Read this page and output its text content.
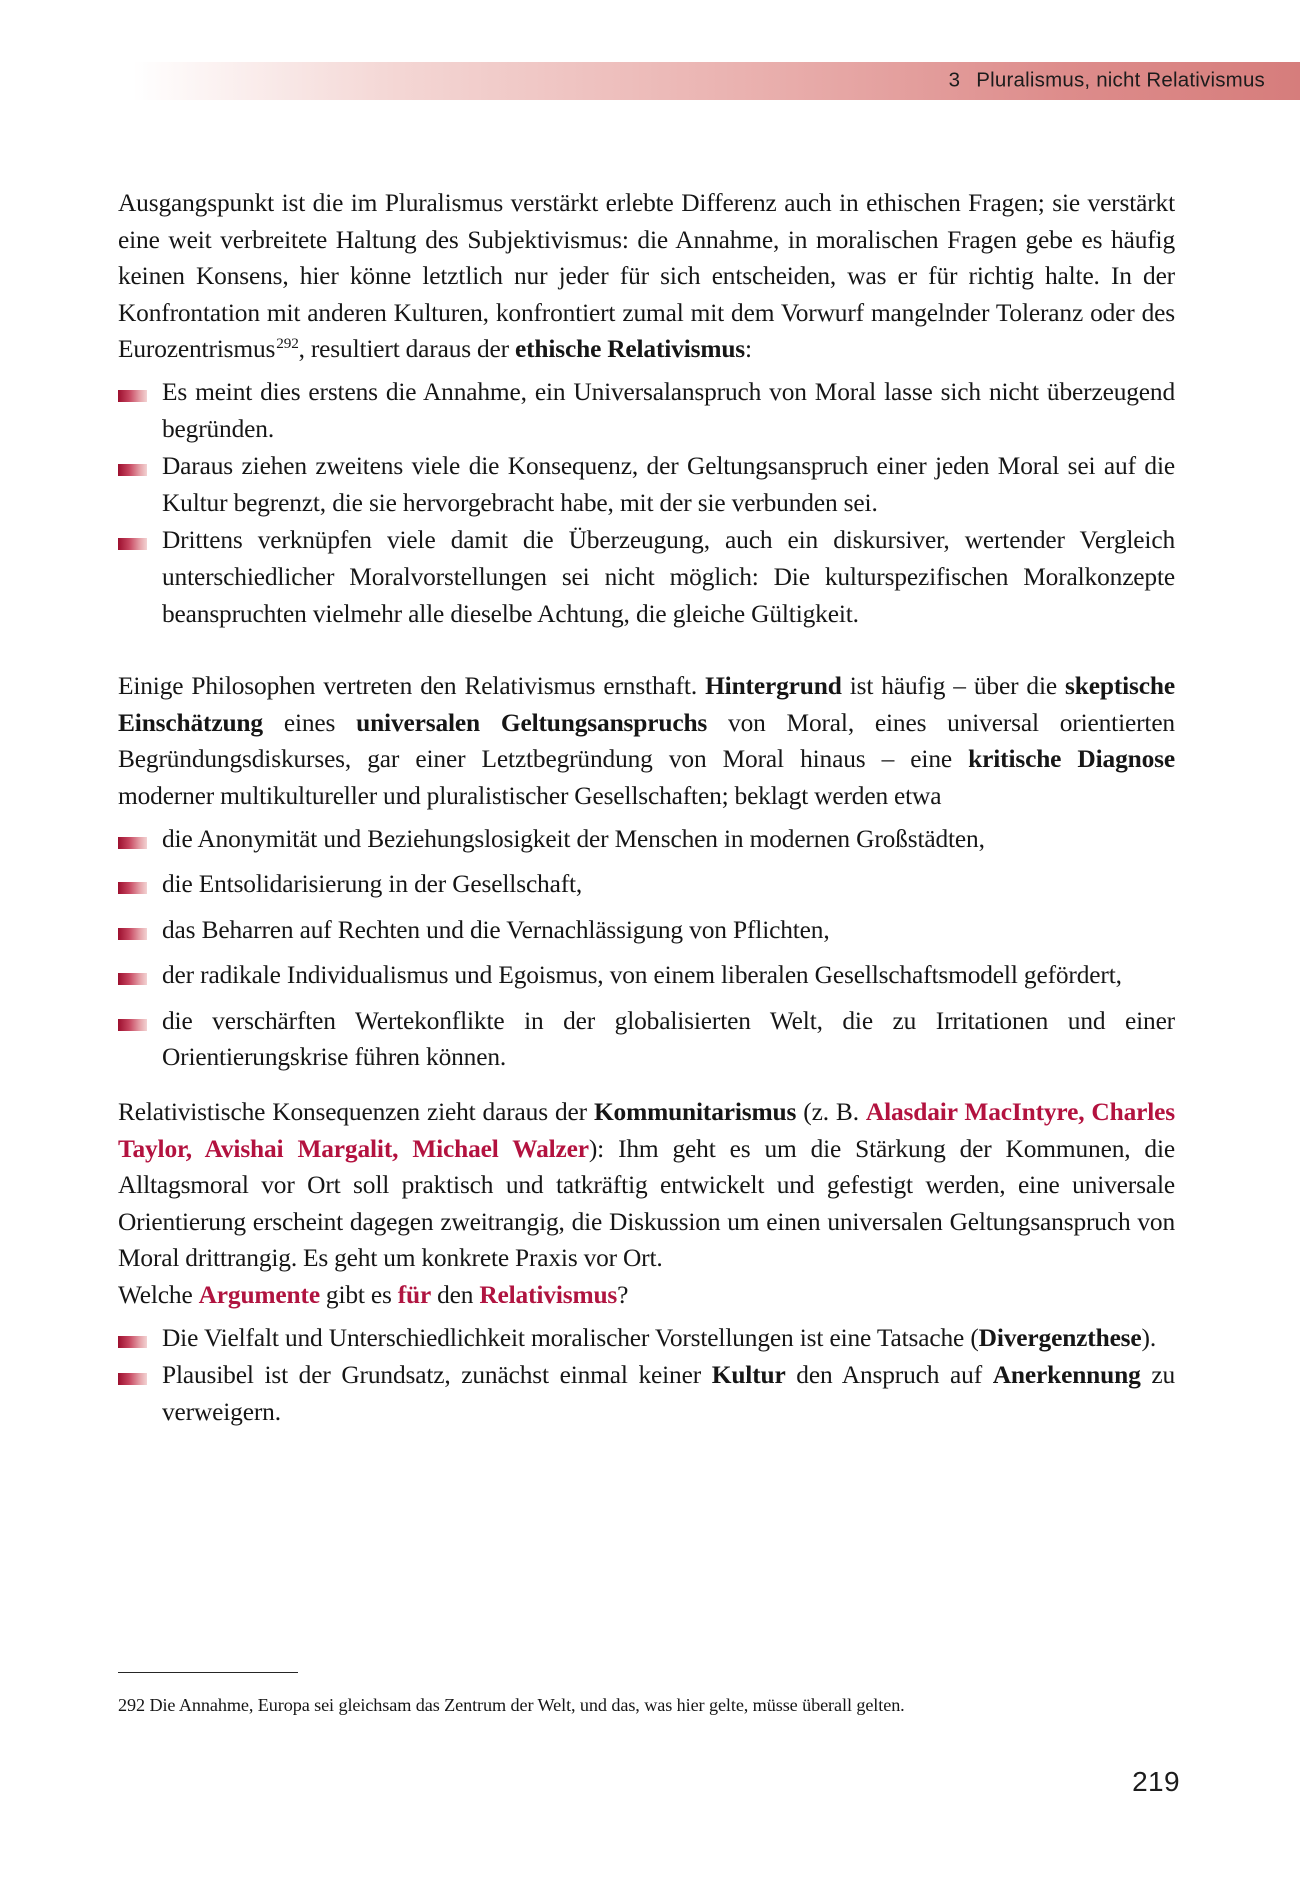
3 Pluralismus, nicht Relativismus

Ausgangspunkt ist die im Pluralismus verstärkt erlebte Differenz auch in ethischen Fragen; sie verstärkt eine weit verbreitete Haltung des Subjektivismus: die Annahme, in moralischen Fragen gebe es häufig keinen Konsens, hier könne letztlich nur jeder für sich entscheiden, was er für richtig halte. In der Konfrontation mit anderen Kulturen, konfrontiert zumal mit dem Vorwurf mangelnder Toleranz oder des Eurozentrismus$^{292}$, resultiert daraus der ethische Relativismus:

Es meint dies erstens die Annahme, ein Universalanspruch von Moral lasse sich nicht überzeugend begründen.
Daraus ziehen zweitens viele die Konsequenz, der Geltungsanspruch einer jeden Moral sei auf die Kultur begrenzt, die sie hervorgebracht habe, mit der sie verbunden sei.
Drittens verknüpfen viele damit die Überzeugung, auch ein diskursiver, wertender Vergleich unterschiedlicher Moralvorstellungen sei nicht möglich: Die kulturspezifischen Moralkonzepte beanspruchten vielmehr alle dieselbe Achtung, die gleiche Gültigkeit.

Einige Philosophen vertreten den Relativismus ernsthaft. Hintergrund ist häufig – über die skeptische Einschätzung eines universalen Geltungsanspruchs von Moral, eines universal orientierten Begründungsdiskurses, gar einer Letztbegründung von Moral hinaus – eine kritische Diagnose moderner multikultureller und pluralistischer Gesellschaften; beklagt werden etwa

die Anonymität und Beziehungslosigkeit der Menschen in modernen Großstädten,
die Entsolidarisierung in der Gesellschaft,
das Beharren auf Rechten und die Vernachlässigung von Pflichten,
der radikale Individualismus und Egoismus, von einem liberalen Gesellschaftsmodell gefördert,
die verschärften Wertekonflikte in der globalisierten Welt, die zu Irritationen und einer Orientierungskrise führen können.

Relativistische Konsequenzen zieht daraus der Kommunitarismus (z. B. Alasdair MacIntyre, Charles Taylor, Avishai Margalit, Michael Walzer): Ihm geht es um die Stärkung der Kommunen, die Alltagsmoral vor Ort soll praktisch und tatkräftig entwickelt und gefestigt werden, eine universale Orientierung erscheint dagegen zweitrangig, die Diskussion um einen universalen Geltungsanspruch von Moral drittrangig. Es geht um konkrete Praxis vor Ort.

Welche Argumente gibt es für den Relativismus?

Die Vielfalt und Unterschiedlichkeit moralischer Vorstellungen ist eine Tatsache (Divergenzthese).
Plausibel ist der Grundsatz, zunächst einmal keiner Kultur den Anspruch auf Anerkennung zu verweigern.
292 Die Annahme, Europa sei gleichsam das Zentrum der Welt, und das, was hier gelte, müsse überall gelten.
219
